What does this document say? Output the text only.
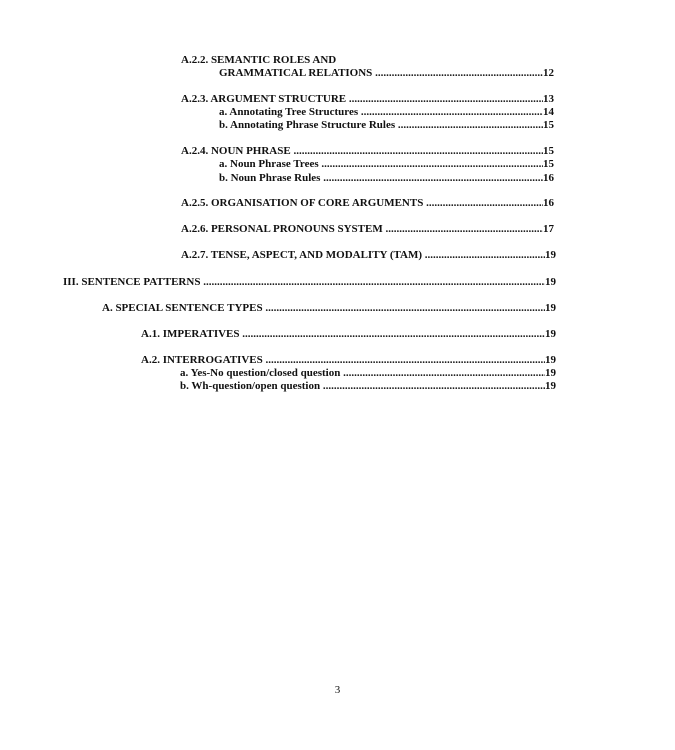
A.2.2. SEMANTIC ROLES AND
GRAMMATICAL RELATIONS .....	12
A.2.3. ARGUMENT STRUCTURE .....	13
a. Annotating Tree Structures .....	14
b. Annotating Phrase Structure Rules .....	15
A.2.4. NOUN PHRASE .....	15
a. Noun Phrase Trees .....	15
b. Noun Phrase Rules .....	16
A.2.5. ORGANISATION OF CORE ARGUMENTS .....	16
A.2.6. PERSONAL PRONOUNS SYSTEM .....	17
A.2.7. TENSE, ASPECT, AND MODALITY (TAM) .....	19
III. SENTENCE PATTERNS .....	19
A. SPECIAL SENTENCE TYPES .....	19
A.1. IMPERATIVES .....	19
A.2. INTERROGATIVES .....	19
a. Yes-No question/closed question .....	19
b. Wh-question/open question .....	19
3
